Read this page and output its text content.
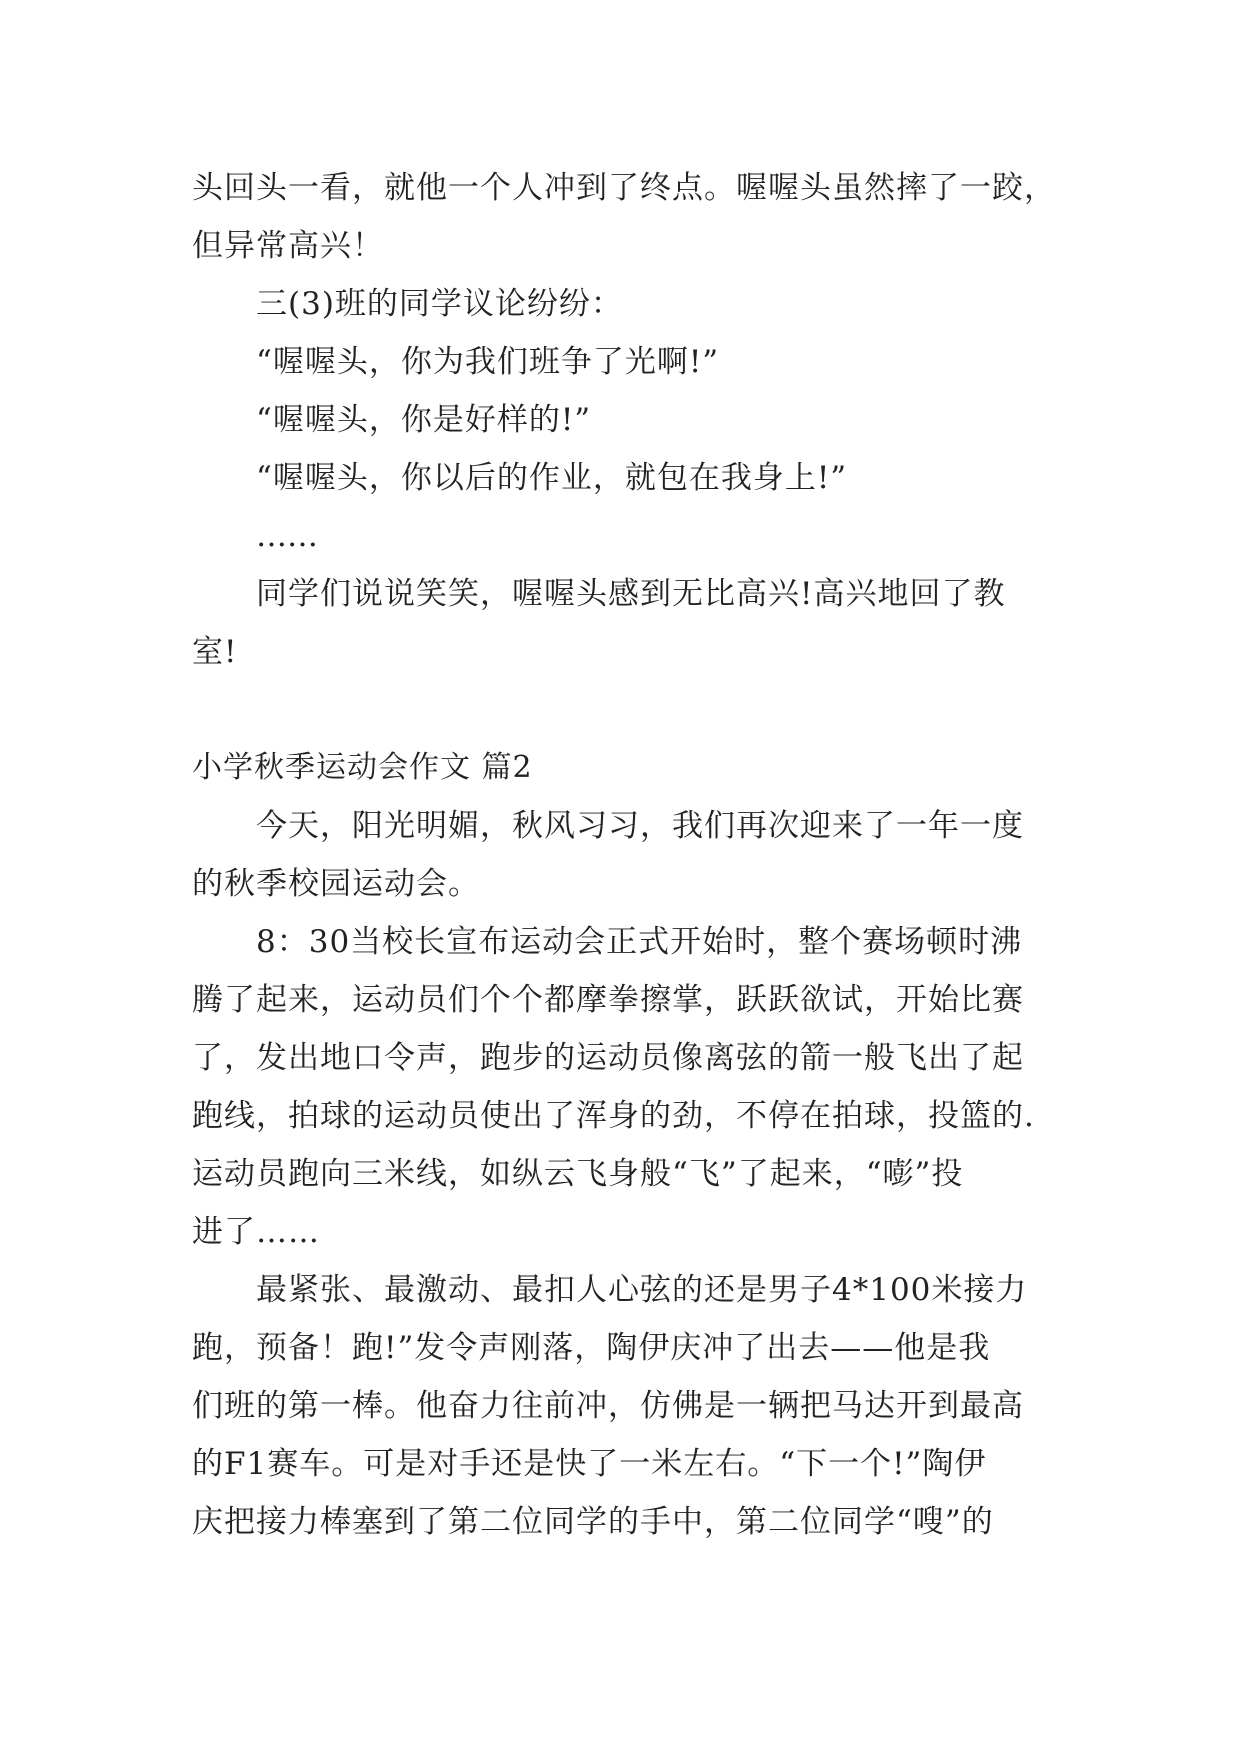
头回头一看，就他一个人冲到了终点。喔喔头虽然摔了一跤，
但异常高兴！
三(3)班的同学议论纷纷：
“喔喔头，你为我们班争了光啊!”
“喔喔头，你是好样的!”
“喔喔头，你以后的作业，就包在我身上!”
……
同学们说说笑笑，喔喔头感到无比高兴!高兴地回了教
室!
小学秋季运动会作文 篇2
今天，阳光明媚，秋风习习，我们再次迎来了一年一度
的秋季校园运动会。
8：30当校长宣布运动会正式开始时，整个赛场顿时沸
腾了起来，运动员们个个都摩拳擦掌，跃跃欲试，开始比赛
了，发出地口令声，跑步的运动员像离弦的箭一般飞出了起
跑线，拍球的运动员使出了浑身的劲，不停在拍球，投篮的.
运动员跑向三米线，如纵云飞身般“飞”了起来，“嘭”投
进了……
最紧张、最激动、最扣人心弦的还是男子4*100米接力
跑，预备！跑!”发令声刚落，陶伊庆冲了出去——他是我
们班的第一棒。他奋力往前冲，仿佛是一辆把马达开到最高
的F1赛车。可是对手还是快了一米左右。“下一个!”陶伊
庆把接力棒塞到了第二位同学的手中，第二位同学“嗖”的
